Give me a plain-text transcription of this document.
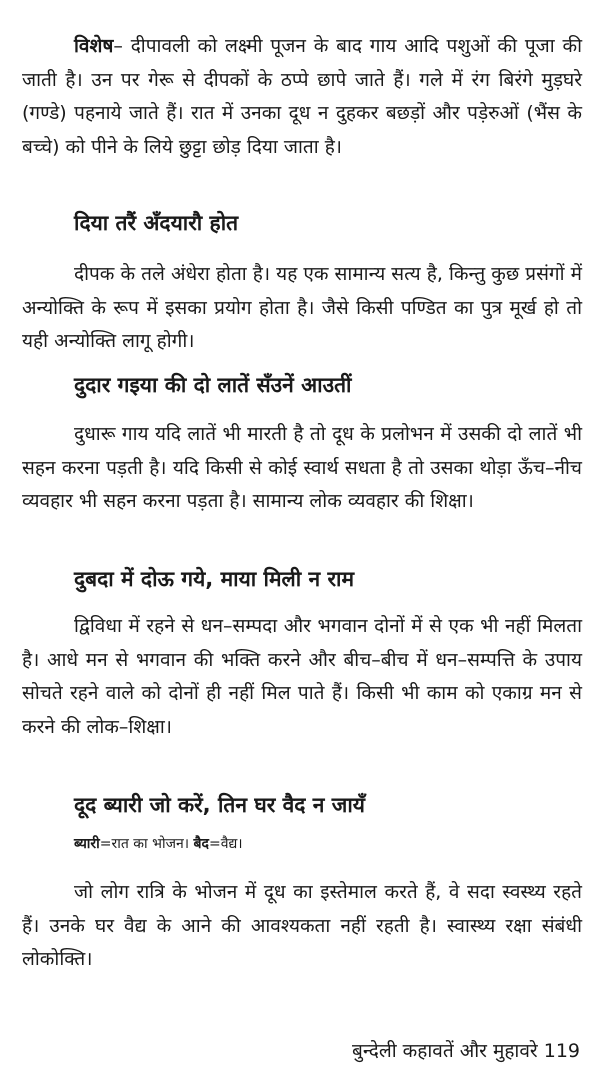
विशेष– दीपावली को लक्ष्मी पूजन के बाद गाय आदि पशुओं की पूजा की जाती है। उन पर गेरू से दीपकों के ठप्पे छापे जाते हैं। गले में रंग बिरंगे मुड़घरे (गण्डे) पहनाये जाते हैं। रात में उनका दूध न दुहकर बछड़ों और पड़ेरुओं (भैंस के बच्चे) को पीने के लिये छुट्टा छोड़ दिया जाता है।

दिया तरैं अँदयारौ होत

दीपक के तले अंधेरा होता है। यह एक सामान्य सत्य है, किन्तु कुछ प्रसंगों में अन्योक्ति के रूप में इसका प्रयोग होता है। जैसे किसी पण्डित का पुत्र मूर्ख हो तो यही अन्योक्ति लागू होगी।

दुदार गइया की दो लातें सँउनें आउतीं

दुधारू गाय यदि लातें भी मारती है तो दूध के प्रलोभन में उसकी दो लातें भी सहन करना पड़ती है। यदि किसी से कोई स्वार्थ सधता है तो उसका थोड़ा ऊँच–नीच व्यवहार भी सहन करना पड़ता है। सामान्य लोक व्यवहार की शिक्षा।

दुबदा में दोऊ गये, माया मिली न राम

द्विविधा में रहने से धन–सम्पदा और भगवान दोनों में से एक भी नहीं मिलता है। आधे मन से भगवान की भक्ति करने और बीच–बीच में धन–सम्पत्ति के उपाय सोचते रहने वाले को दोनों ही नहीं मिल पाते हैं। किसी भी काम को एकाग्र मन से करने की लोक–शिक्षा।

दूद ब्यारी जो करें, तिन घर वैद न जायँ

ब्यारी=रात का भोजन। बैद=वैद्य।

जो लोग रात्रि के भोजन में दूध का इस्तेमाल करते हैं, वे सदा स्वस्थ्य रहते हैं। उनके घर वैद्य के आने की आवश्यकता नहीं रहती है। स्वास्थ्य रक्षा संबंधी लोकोक्ति।

बुन्देली कहावतें और मुहावरे 119
